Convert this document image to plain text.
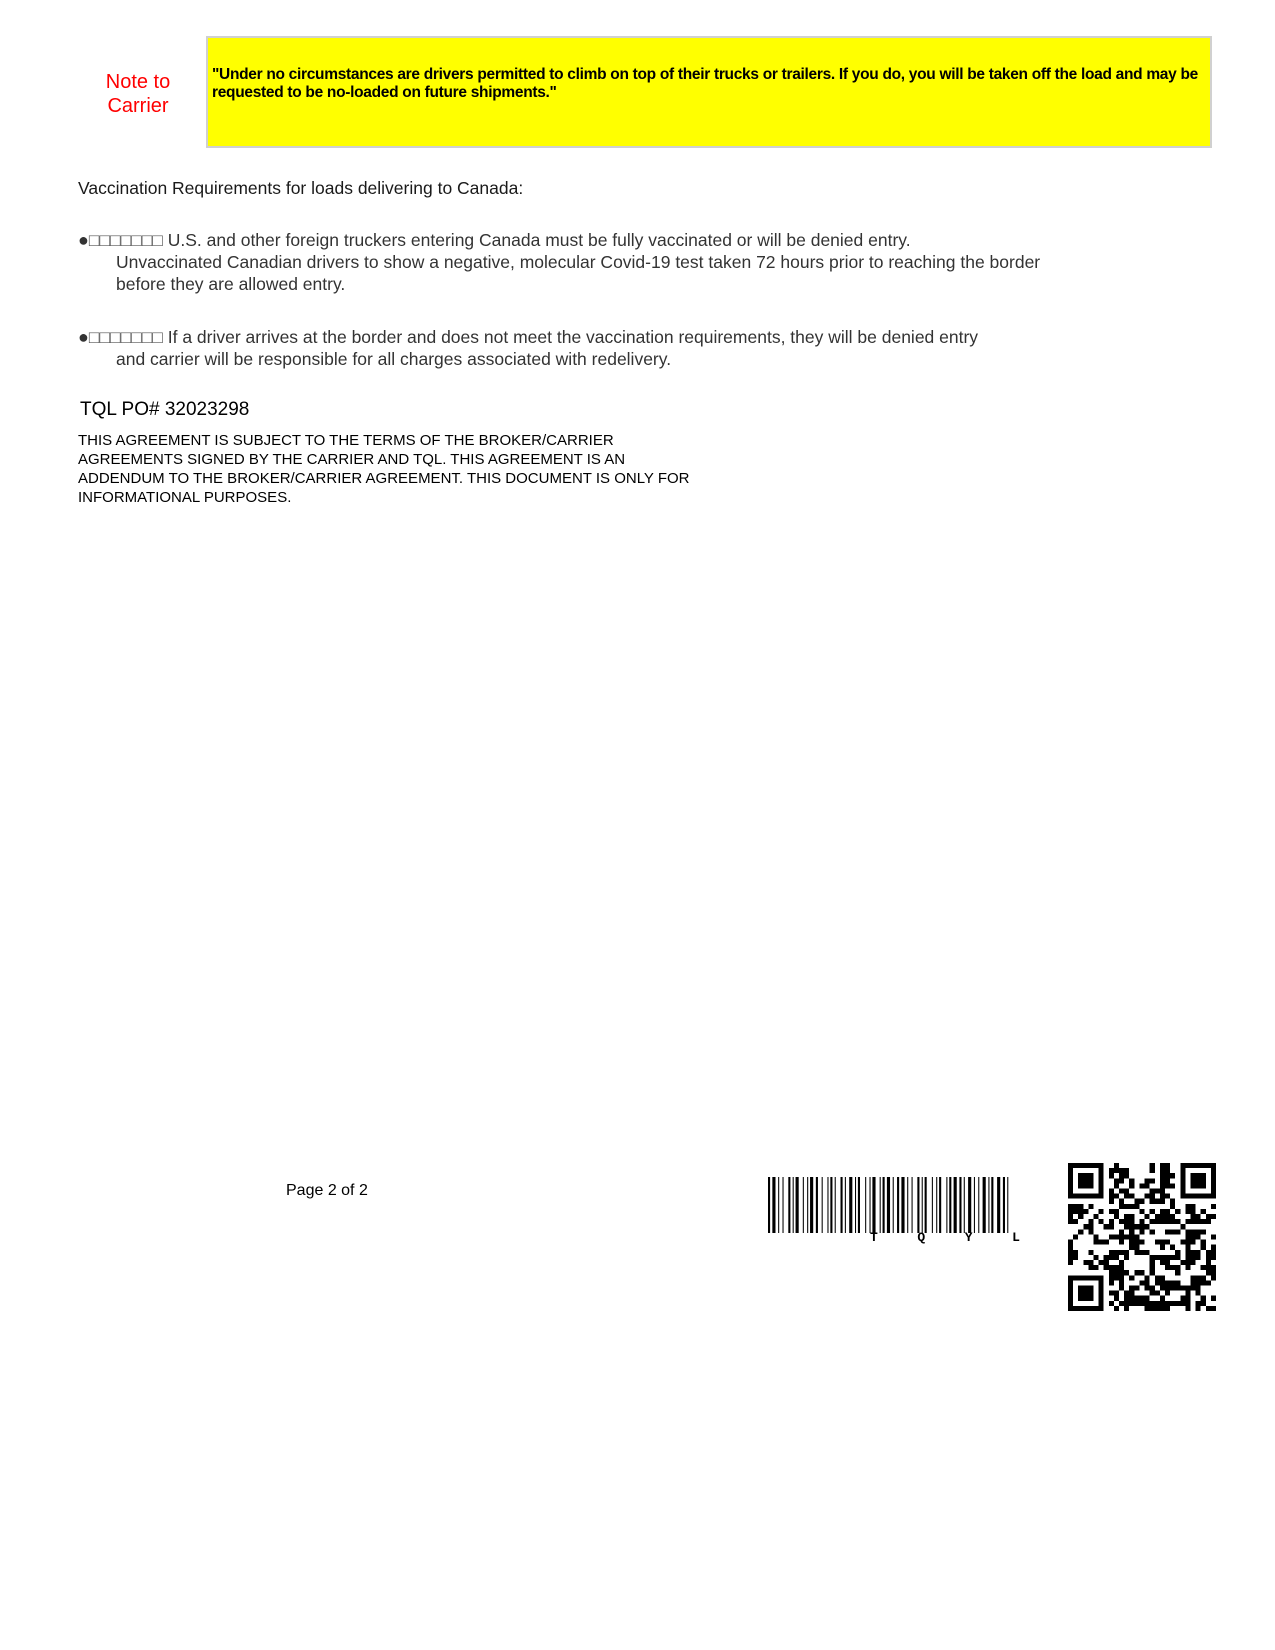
Note to
Carrier
"Under no circumstances are drivers permitted to climb on top of their trucks or trailers. If you do, you will be taken off the load and may be requested to be no-loaded on future shipments."
Vaccination Requirements for loads delivering to Canada:
●□□□□□□□ U.S. and other foreign truckers entering Canada must be fully vaccinated or will be denied entry.
Unvaccinated Canadian drivers to show a negative, molecular Covid-19 test taken 72 hours prior to reaching the border before they are allowed entry.
●□□□□□□□ If a driver arrives at the border and does not meet the vaccination requirements, they will be denied entry
and carrier will be responsible for all charges associated with redelivery.
TQL PO# 32023298
THIS AGREEMENT IS SUBJECT TO THE TERMS OF THE BROKER/CARRIER
AGREEMENTS SIGNED BY THE CARRIER AND TQL. THIS AGREEMENT IS AN
ADDENDUM TO THE BROKER/CARRIER AGREEMENT. THIS DOCUMENT IS ONLY FOR
INFORMATIONAL PURPOSES.
Page 2 of 2
T	Q	Y	L
